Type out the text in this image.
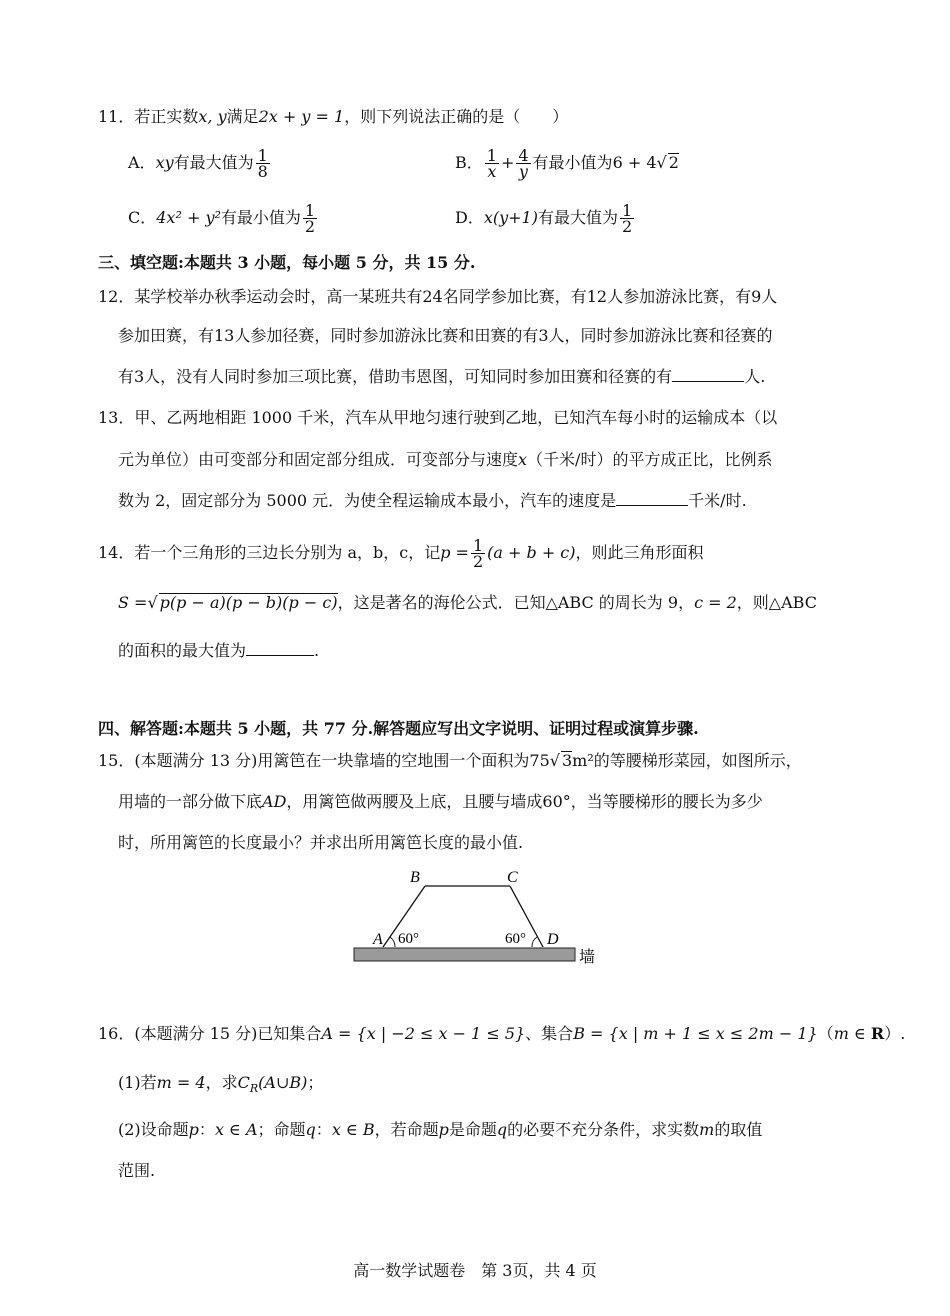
11．若正实数x, y满足2x + y = 1，则下列说法正确的是（　　）
A．xy有最大值为 $\frac{1}{8}$	B． $\frac{1}{x} + \frac{4}{y}$ 有最小值为6 + 4√ 2
C．4x² + y²有最小值为 $\frac{1}{2}$	D．x(y+1)有最大值为 $\frac{1}{2}$
三、填空题:本题共 3 小题，每小题 5 分，共 15 分.
12．某学校举办秋季运动会时，高一某班共有24名同学参加比赛，有12人参加游泳比赛，有9人
参加田赛，有13人参加径赛，同时参加游泳比赛和田赛的有3人，同时参加游泳比赛和径赛的
有3人，没有人同时参加三项比赛，借助韦恩图，可知同时参加田赛和径赛的有	人.
13．甲、乙两地相距 1000 千米，汽车从甲地匀速行驶到乙地，已知汽车每小时的运输成本（以
元为单位）由可变部分和固定部分组成．可变部分与速度x（千米/时）的平方成正比，比例系
数为 2，固定部分为 5000 元．为使全程运输成本最小，汽车的速度是	千米/时.
14．若一个三角形的三边长分别为 a，b，c，记$p = \frac{1}{2} (a + b + c)$，则此三角形面积
S =√ p(p − a)(p − b)(p − c)，这是著名的海伦公式．已知△ABC 的周长为 9，c = 2，则△ABC
的面积的最大值为	.
四、解答题:本题共 5 小题，共 77 分.解答题应写出文字说明、证明过程或演算步骤.
15．(本题满分 13 分)用篱笆在一块靠墙的空地围一个面积为75√ 3m²的等腰梯形菜园，如图所示，
用墙的一部分做下底AD，用篱笆做两腰及上底，且腰与墙成60°，当等腰梯形的腰长为多少
时，所用篱笆的长度最小？并求出所用篱笆长度的最小值.
B	C
A	D
60°	60°
墙
16．(本题满分 15 分)已知集合A = {x | −2 ≤ x − 1 ≤ 5}、集合B = {x | m + 1 ≤ x ≤ 2m − 1}（m ∈ R）.
(1)若m = 4，求$C_R(A\cup B)$；
(2)设命题p：x ∈ A；命题q：x ∈ B，若命题p是命题q的必要不充分条件，求实数m的取值
范围.
高一数学试题卷　第 3页，共 4 页
